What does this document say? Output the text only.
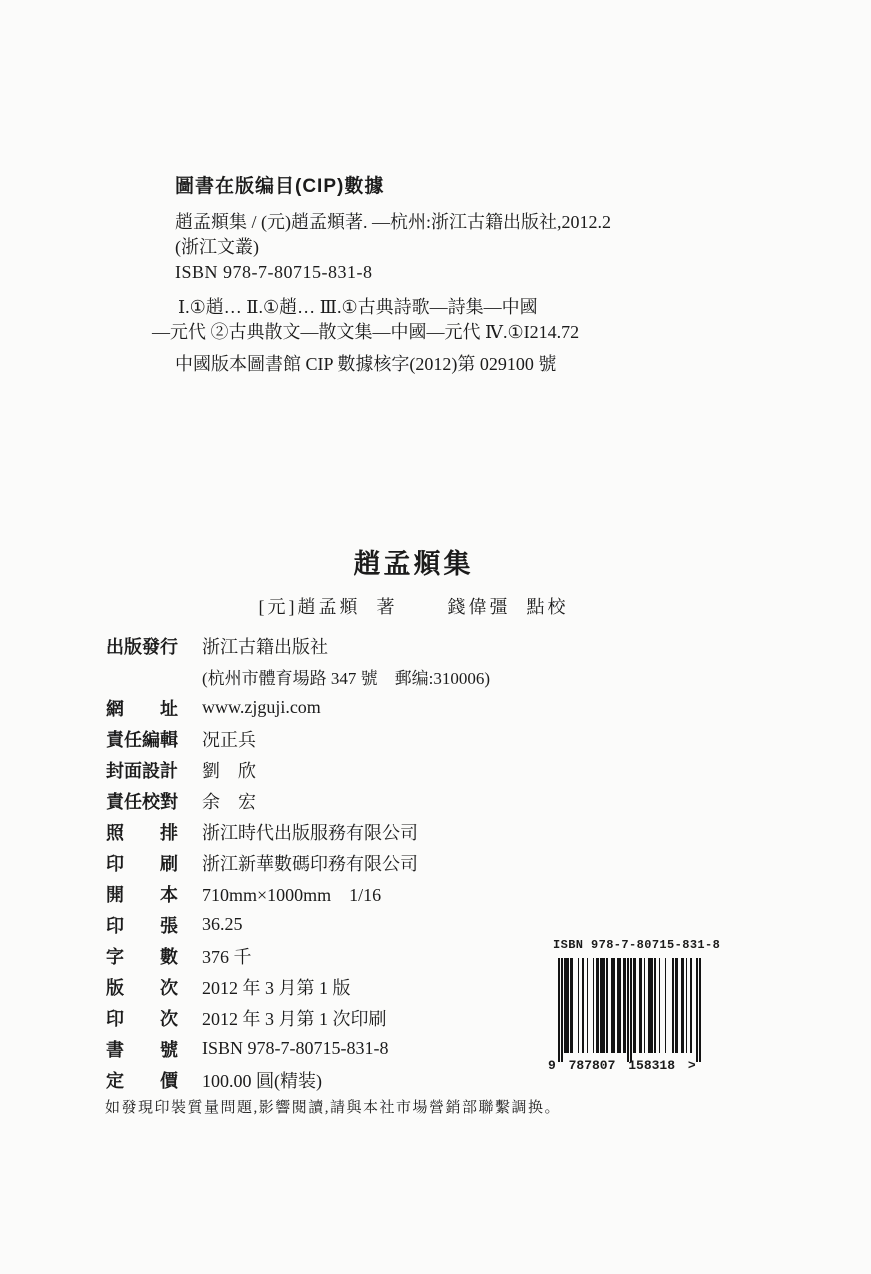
圖書在版编目(CIP)數據

趙孟頫集 / (元)趙孟頫著. —杭州:浙江古籍出版社,2012.2

(浙江文叢)

ISBN 978-7-80715-831-8

Ⅰ.①趙… Ⅱ.①趙… Ⅲ.①古典詩歌—詩集—中國

—元代 ②古典散文—散文集—中國—元代 Ⅳ.①I214.72

中國版本圖書館 CIP 數據核字(2012)第 029100 號

趙孟頫集

[元]趙孟頫 著	錢偉彊 點校

出版發行 浙江古籍出版社
(杭州市體育場路 347 號　郵编:310006)
網址 www.zjguji.com
責任編輯 况正兵
封面設計 劉　欣
責任校對 余　宏
照排 浙江時代出版服務有限公司
印刷 浙江新華數碼印務有限公司
開本 710mm×1000mm　1/16
印張 36.25
字數 376 千
版次 2012 年 3 月第 1 版
印次 2012 年 3 月第 1 次印刷
書號 ISBN 978-7-80715-831-8
定價 100.00 圓(精装)
ISBN 978-7-80715-831-8
9 787807 158318 >

如發現印裝質量問題,影響閱讀,請與本社市場營銷部聯繫調换。
